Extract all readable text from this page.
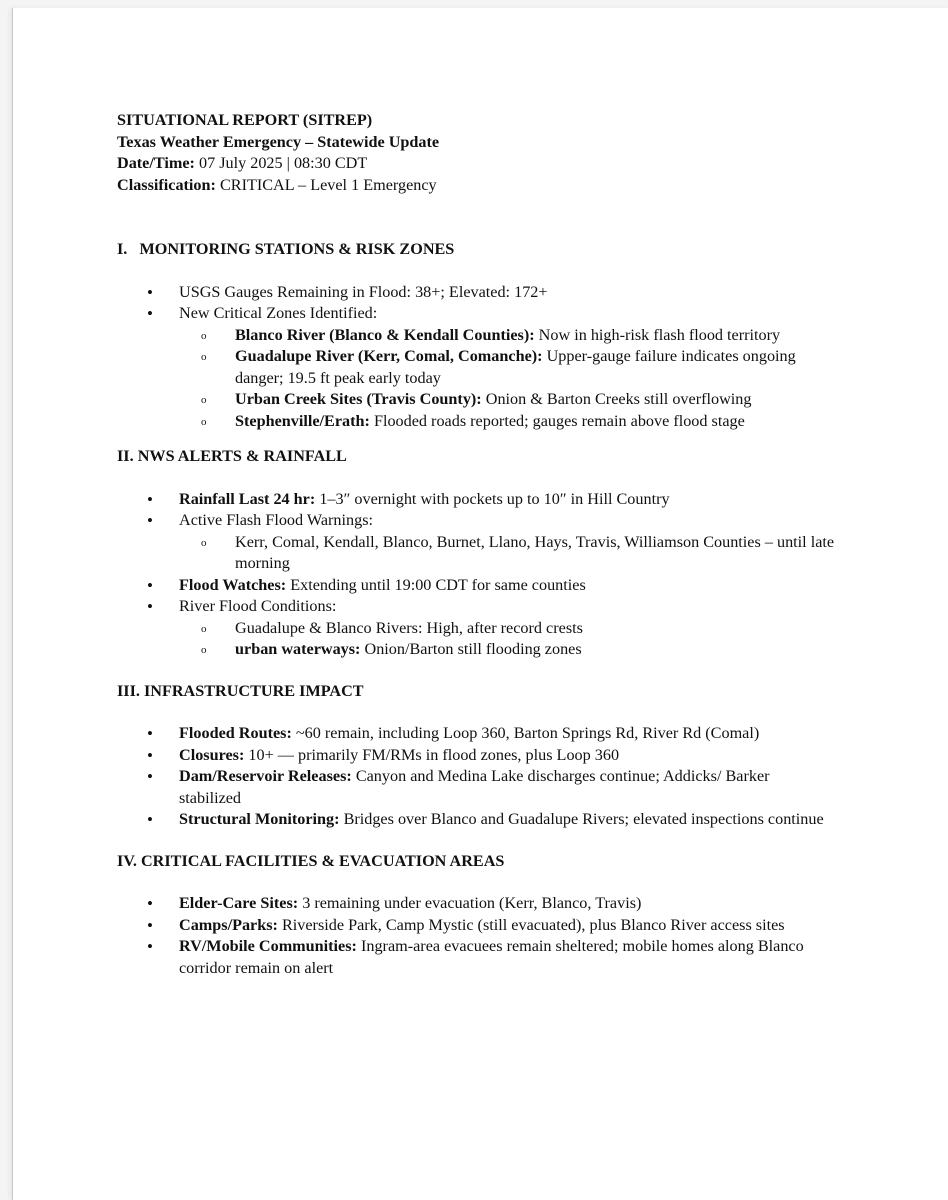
SITUATIONAL REPORT (SITREP)

Texas Weather Emergency – Statewide Update

Date/Time: 07 July 2025 | 08:30 CDT

Classification: CRITICAL – Level 1 Emergency

I.   MONITORING STATIONS & RISK ZONES

• USGS Gauges Remaining in Flood: 38+; Elevated: 172+
• New Critical Zones Identified:
o Blanco River (Blanco & Kendall Counties): Now in high-risk flash flood territory
o Guadalupe River (Kerr, Comal, Comanche): Upper-gauge failure indicates ongoing danger; 19.5 ft peak early today
o Urban Creek Sites (Travis County): Onion & Barton Creeks still overflowing
o Stephenville/Erath: Flooded roads reported; gauges remain above flood stage

II. NWS ALERTS & RAINFALL

• Rainfall Last 24 hr: 1–3″ overnight with pockets up to 10″ in Hill Country
• Active Flash Flood Warnings:
o Kerr, Comal, Kendall, Blanco, Burnet, Llano, Hays, Travis, Williamson Counties – until late morning
• Flood Watches: Extending until 19:00 CDT for same counties
• River Flood Conditions:
o Guadalupe & Blanco Rivers: High, after record crests
o urban waterways: Onion/Barton still flooding zones

III. INFRASTRUCTURE IMPACT

• Flooded Routes: ~60 remain, including Loop 360, Barton Springs Rd, River Rd (Comal)
• Closures: 10+ — primarily FM/RMs in flood zones, plus Loop 360
• Dam/Reservoir Releases: Canyon and Medina Lake discharges continue; Addicks/ Barker stabilized
• Structural Monitoring: Bridges over Blanco and Guadalupe Rivers; elevated inspections continue

IV. CRITICAL FACILITIES & EVACUATION AREAS

• Elder-Care Sites: 3 remaining under evacuation (Kerr, Blanco, Travis)
• Camps/Parks: Riverside Park, Camp Mystic (still evacuated), plus Blanco River access sites
• RV/Mobile Communities: Ingram-area evacuees remain sheltered; mobile homes along Blanco corridor remain on alert
